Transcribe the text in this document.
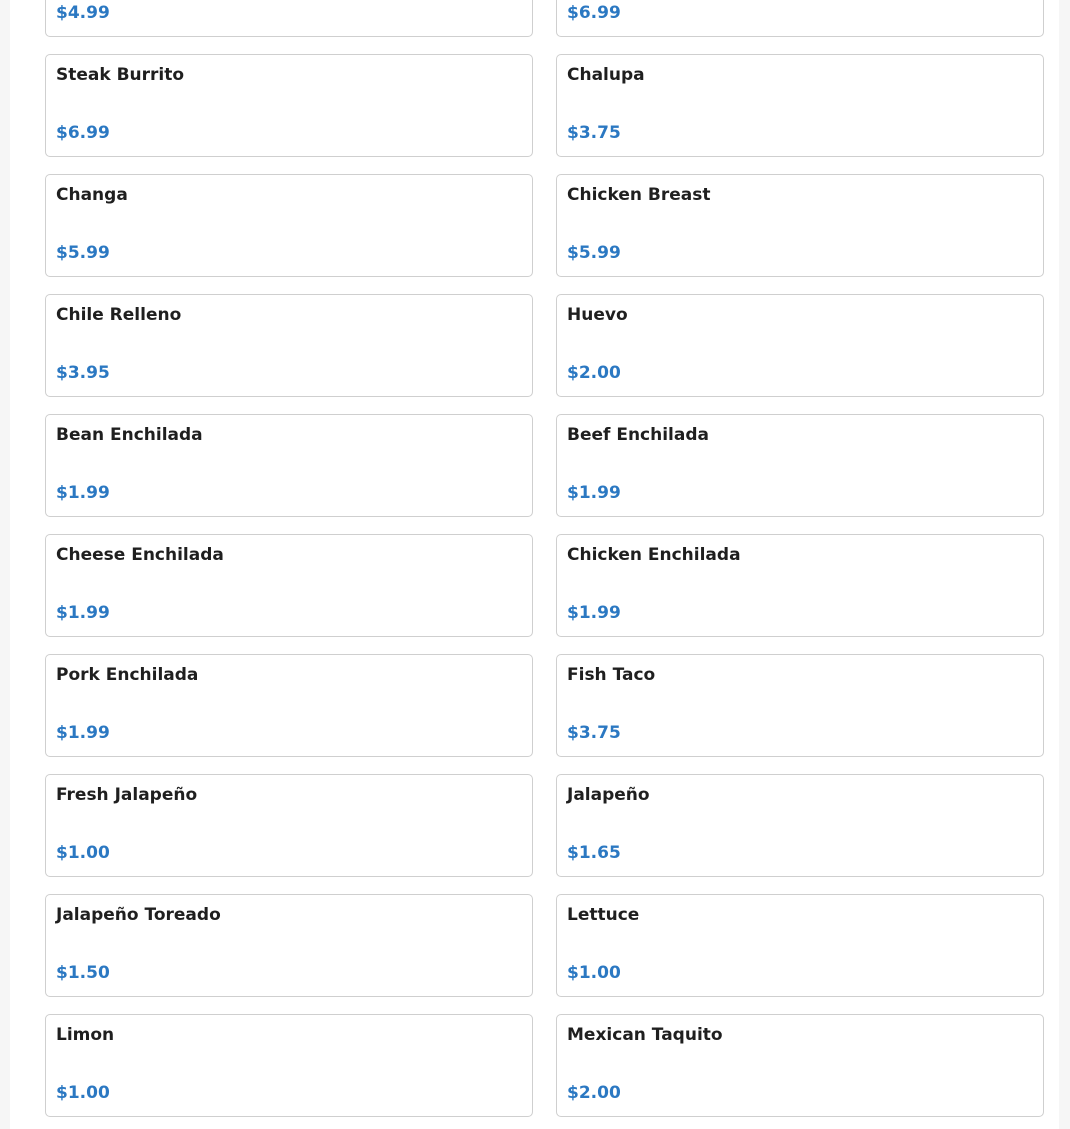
$4.99	$6.99
Steak Burrito
$6.99
Chalupa
$3.75
Changa
$5.99
Chicken Breast
$5.99
Chile Relleno
$3.95
Huevo
$2.00
Bean Enchilada
$1.99
Beef Enchilada
$1.99
Cheese Enchilada
$1.99
Chicken Enchilada
$1.99
Pork Enchilada
$1.99
Fish Taco
$3.75
Fresh Jalapeño
$1.00
Jalapeño
$1.65
Jalapeño Toreado
$1.50
Lettuce
$1.00
Limon
$1.00
Mexican Taquito
$2.00
